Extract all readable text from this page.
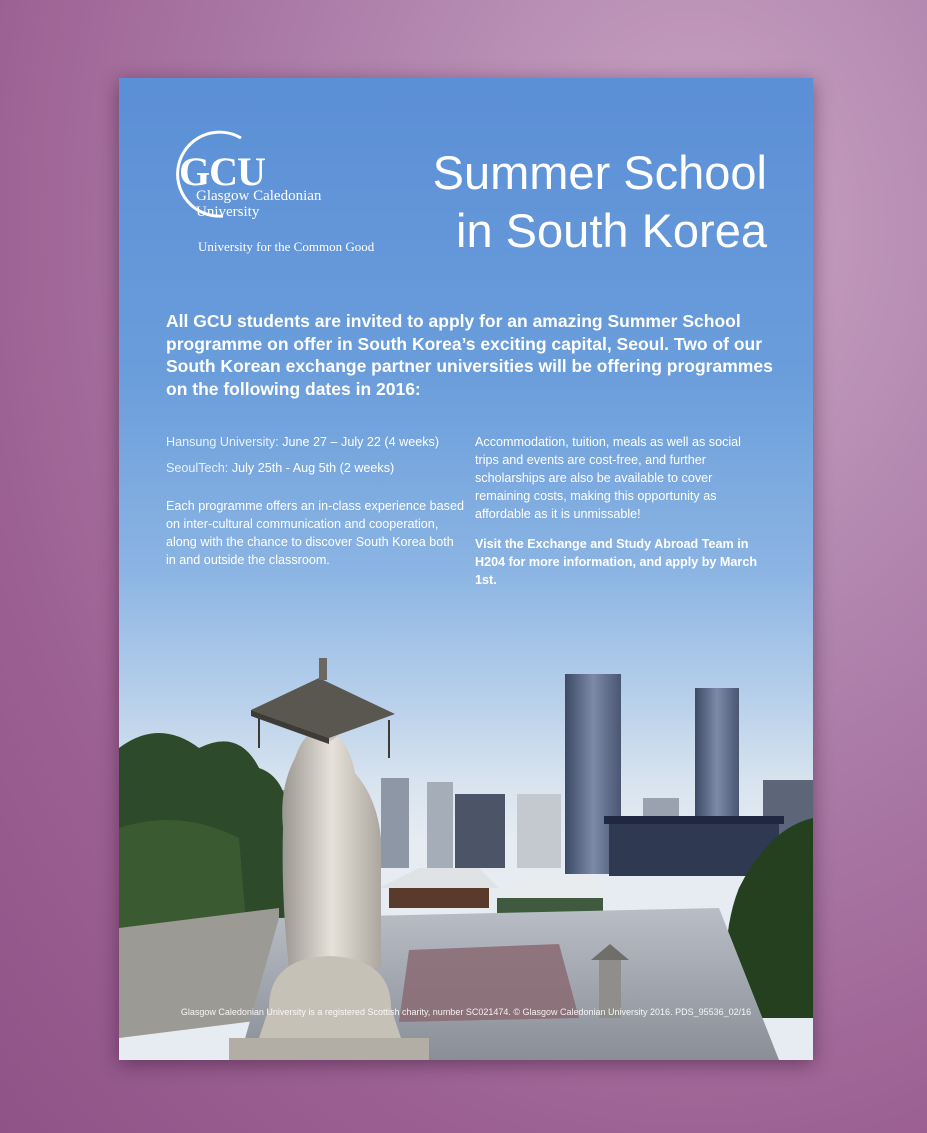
GCU
Glasgow Caledonian
University
University for the Common Good
Summer School
in South Korea

All GCU students are invited to apply for an amazing Summer School programme on offer in South Korea’s exciting capital, Seoul. Two of our South Korean exchange partner universities will be offering programmes on the following dates in 2016:

Hansung University: June 27 – July 22 (4 weeks)

SeoulTech: July 25th - Aug 5th (2 weeks)

Each programme offers an in-class experience based on inter-cultural communication and cooperation, along with the chance to discover South Korea both in and outside the classroom.

Accommodation, tuition, meals as well as social trips and events are cost-free, and further scholarships are also be available to cover remaining costs, making this opportunity as affordable as it is unmissable!

Visit the Exchange and Study Abroad Team in H204 for more information, and apply by March 1st.

Glasgow Caledonian University is a registered Scottish charity, number SC021474. © Glasgow Caledonian University 2016. PDS_95536_02/16
